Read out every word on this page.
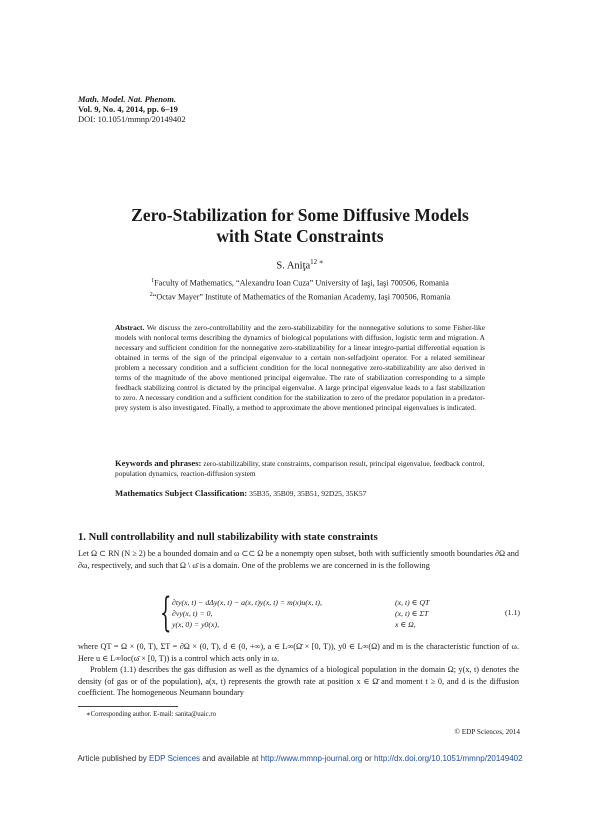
Math. Model. Nat. Phenom.
Vol. 9, No. 4, 2014, pp. 6–19
DOI: 10.1051/mmnp/20149402
Zero-Stabilization for Some Diffusive Models
with State Constraints
S. Aniţa$^{12 ∗}$
$^1$Faculty of Mathematics, “Alexandru Ioan Cuza” University of Iaşi, Iaşi 700506, Romania
$^2$“Octav Mayer” Institute of Mathematics of the Romanian Academy, Iaşi 700506, Romania
Abstract. We discuss the zero-controllability and the zero-stabilizability for the nonnegative solutions to some Fisher-like models with nonlocal terms describing the dynamics of biological populations with diffusion, logistic term and migration. A necessary and sufficient condition for the nonnegative zero-stabilizability for a linear integro-partial differential equation is obtained in terms of the sign of the principal eigenvalue to a certain non-selfadjoint operator. For a related semilinear problem a necessary condition and a sufficient condition for the local nonnegative zero-stabilizability are also derived in terms of the magnitude of the above mentioned principal eigenvalue. The rate of stabilization corresponding to a simple feedback stabilizing control is dictated by the principal eigenvalue. A large principal eigenvalue leads to a fast stabilization to zero. A necessary condition and a sufficient condition for the stabilization to zero of the predator population in a predator-prey system is also investigated. Finally, a method to approximate the above mentioned principal eigenvalues is indicated.
Keywords and phrases: zero-stabilizability, state constraints, comparison result, principal eigenvalue, feedback control, population dynamics, reaction-diffusion system
Mathematics Subject Classification: 35B35, 35B09, 35B51, 92D25, 35K57
1. Null controllability and null stabilizability with state constraints
Let Ω ⊂ RN (N ≥ 2) be a bounded domain and ω ⊂⊂ Ω be a nonempty open subset, both with sufficiently smooth boundaries ∂Ω and ∂ω, respectively, and such that Ω \ ω̄ is a domain. One of the problems we are concerned in is the following
{ ∂ty(x, t) − dΔy(x, t) − a(x, t)y(x, t) = m(x)u(x, t),
∂νy(x, t) = 0,
y(x, 0) = y0(x),
(x, t) ∈ QT
(x, t) ∈ ΣT
x ∈ Ω,
(1.1)
where QT = Ω × (0, T), ΣT = ∂Ω × (0, T), d ∈ (0, +∞), a ∈ L∞(Ω̄ × [0, T)), y0 ∈ L∞(Ω) and m is the characteristic function of ω. Here u ∈ L∞loc(ω̄ × [0, T)) is a control which acts only in ω.
Problem (1.1) describes the gas diffusion as well as the dynamics of a biological population in the domain Ω; y(x, t) denotes the density (of gas or of the population), a(x, t) represents the growth rate at position x ∈ Ω̄ and moment t ≥ 0, and d is the diffusion coefficient. The homogeneous Neumann boundary
∗Corresponding author. E-mail: sanita@uaic.ro
© EDP Sciences, 2014
Article published by EDP Sciences and available at http://www.mmnp-journal.org or http://dx.doi.org/10.1051/mmnp/20149402
